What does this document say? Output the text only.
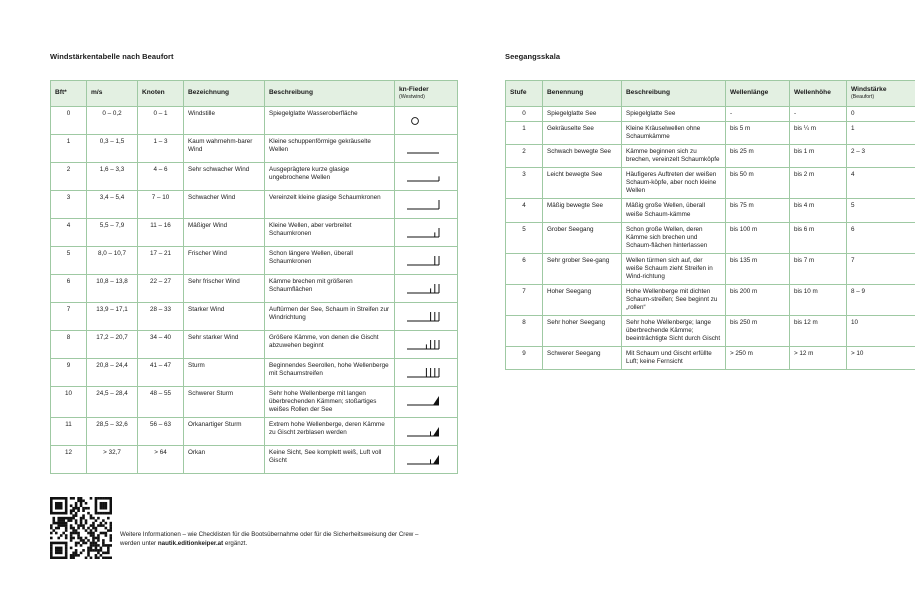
Windstärkentabelle nach Beaufort
Bft*	m/s	Knoten	Bezeichnung	Beschreibung	kn-Fieder
(Westwind)

0	0 – 0,2	0 – 1	Windstille	Spiegelglatte Wasseroberfläche	

1	0,3 – 1,5	1 – 3	Kaum wahrnehm-barer Wind	Kleine schuppenförmige gekräuselte Wellen	

2	1,6 – 3,3	4 – 6	Sehr schwacher Wind	Ausgeprägtere kurze glasige ungebrochene Wellen	

3	3,4 – 5,4	7 – 10	Schwacher Wind	Vereinzelt kleine glasige Schaumkronen	

4	5,5 – 7,9	11 – 16	Mäßiger Wind	Kleine Wellen, aber verbreitet Schaumkronen	

5	8,0 – 10,7	17 – 21	Frischer Wind	Schon längere Wellen, überall Schaumkronen	

6	10,8 – 13,8	22 – 27	Sehr frischer Wind	Kämme brechen mit größeren Schaumflächen	

7	13,9 – 17,1	28 – 33	Starker Wind	Auftürmen der See, Schaum in Streifen zur Windrichtung	

8	17,2 – 20,7	34 – 40	Sehr starker Wind	Größere Kämme, von denen die Gischt abzuwehen beginnt	

9	20,8 – 24,4	41 – 47	Sturm	Beginnendes Seerollen, hohe Wellenberge mit Schaumstreifen	

10	24,5 – 28,4	48 – 55	Schwerer Sturm	Sehr hohe Wellenberge mit langen überbrechenden Kämmen; stoßartiges weißes Rollen der See	

11	28,5 – 32,6	56 – 63	Orkanartiger Sturm	Extrem hohe Wellenberge, deren Kämme zu Gischt zerblasen werden	

12	> 32,7	> 64	Orkan	Keine Sicht, See komplett weiß, Luft voll Gischt	
Seegangsskala
Stufe	Benennung	Beschreibung	Wellenlänge	Wellenhöhe	Windstärke
(Beaufort)

0	Spiegelglatte See	Spiegelglatte See	-	-	0
1	Gekräuselte See	Kleine Kräuselwellen ohne Schaumkämme	bis 5 m	bis ¼ m	1
2	Schwach bewegte See	Kämme beginnen sich zu brechen, vereinzelt Schaumköpfe	bis 25 m	bis 1 m	2 – 3
3	Leicht bewegte See	Häufigeres Auftreten der weißen Schaum-köpfe, aber noch kleine Wellen	bis 50 m	bis 2 m	4
4	Mäßig bewegte See	Mäßig große Wellen, überall weiße Schaum-kämme	bis 75 m	bis 4 m	5
5	Grober Seegang	Schon große Wellen, deren Kämme sich brechen und Schaum-flächen hinterlassen	bis 100 m	bis 6 m	6
6	Sehr grober See-gang	Wellen türmen sich auf, der weiße Schaum zieht Streifen in Wind-richtung	bis 135 m	bis 7 m	7
7	Hoher Seegang	Hohe Wellenberge mit dichten Schaum-streifen; See beginnt zu „rollen“	bis 200 m	bis 10 m	8 – 9
8	Sehr hoher Seegang	Sehr hohe Wellenberge; lange überbrechende Kämme; beeinträchtigte Sicht durch Gischt	bis 250 m	bis 12 m	10
9	Schwerer Seegang	Mit Schaum und Gischt erfüllte Luft; keine Fernsicht	> 250 m	> 12 m	> 10
Weitere Informationen – wie Checklisten für die Bootsübernahme oder für die Sicherheitsweisung der Crew – werden unter nautik.editionkeiper.at ergänzt.
